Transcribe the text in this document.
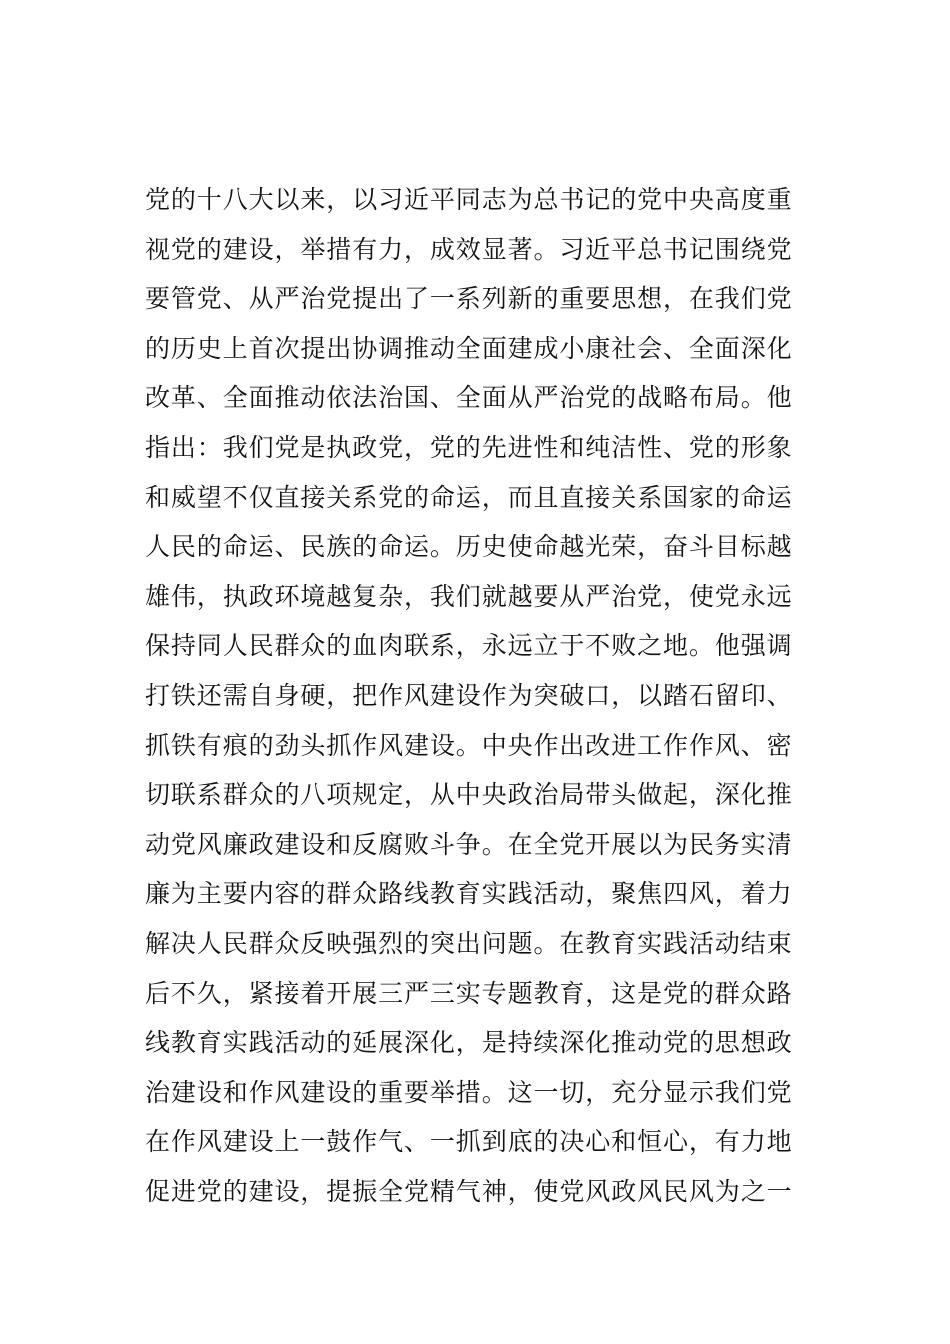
党的十八大以来，以习近平同志为总书记的党中央高度重
视党的建设，举措有力，成效显著。习近平总书记围绕党
要管党、从严治党提出了一系列新的重要思想，在我们党
的历史上首次提出协调推动全面建成小康社会、全面深化
改革、全面推动依法治国、全面从严治党的战略布局。他
指出：我们党是执政党，党的先进性和纯洁性、党的形象
和威望不仅直接关系党的命运，而且直接关系国家的命运
人民的命运、民族的命运。历史使命越光荣，奋斗目标越
雄伟，执政环境越复杂，我们就越要从严治党，使党永远
保持同人民群众的血肉联系，永远立于不败之地。他强调
打铁还需自身硬，把作风建设作为突破口，以踏石留印、
抓铁有痕的劲头抓作风建设。中央作出改进工作作风、密
切联系群众的八项规定，从中央政治局带头做起，深化推
动党风廉政建设和反腐败斗争。在全党开展以为民务实清
廉为主要内容的群众路线教育实践活动，聚焦四风，着力
解决人民群众反映强烈的突出问题。在教育实践活动结束
后不久，紧接着开展三严三实专题教育，这是党的群众路
线教育实践活动的延展深化，是持续深化推动党的思想政
治建设和作风建设的重要举措。这一切，充分显示我们党
在作风建设上一鼓作气、一抓到底的决心和恒心，有力地
促进党的建设，提振全党精气神，使党风政风民风为之一
